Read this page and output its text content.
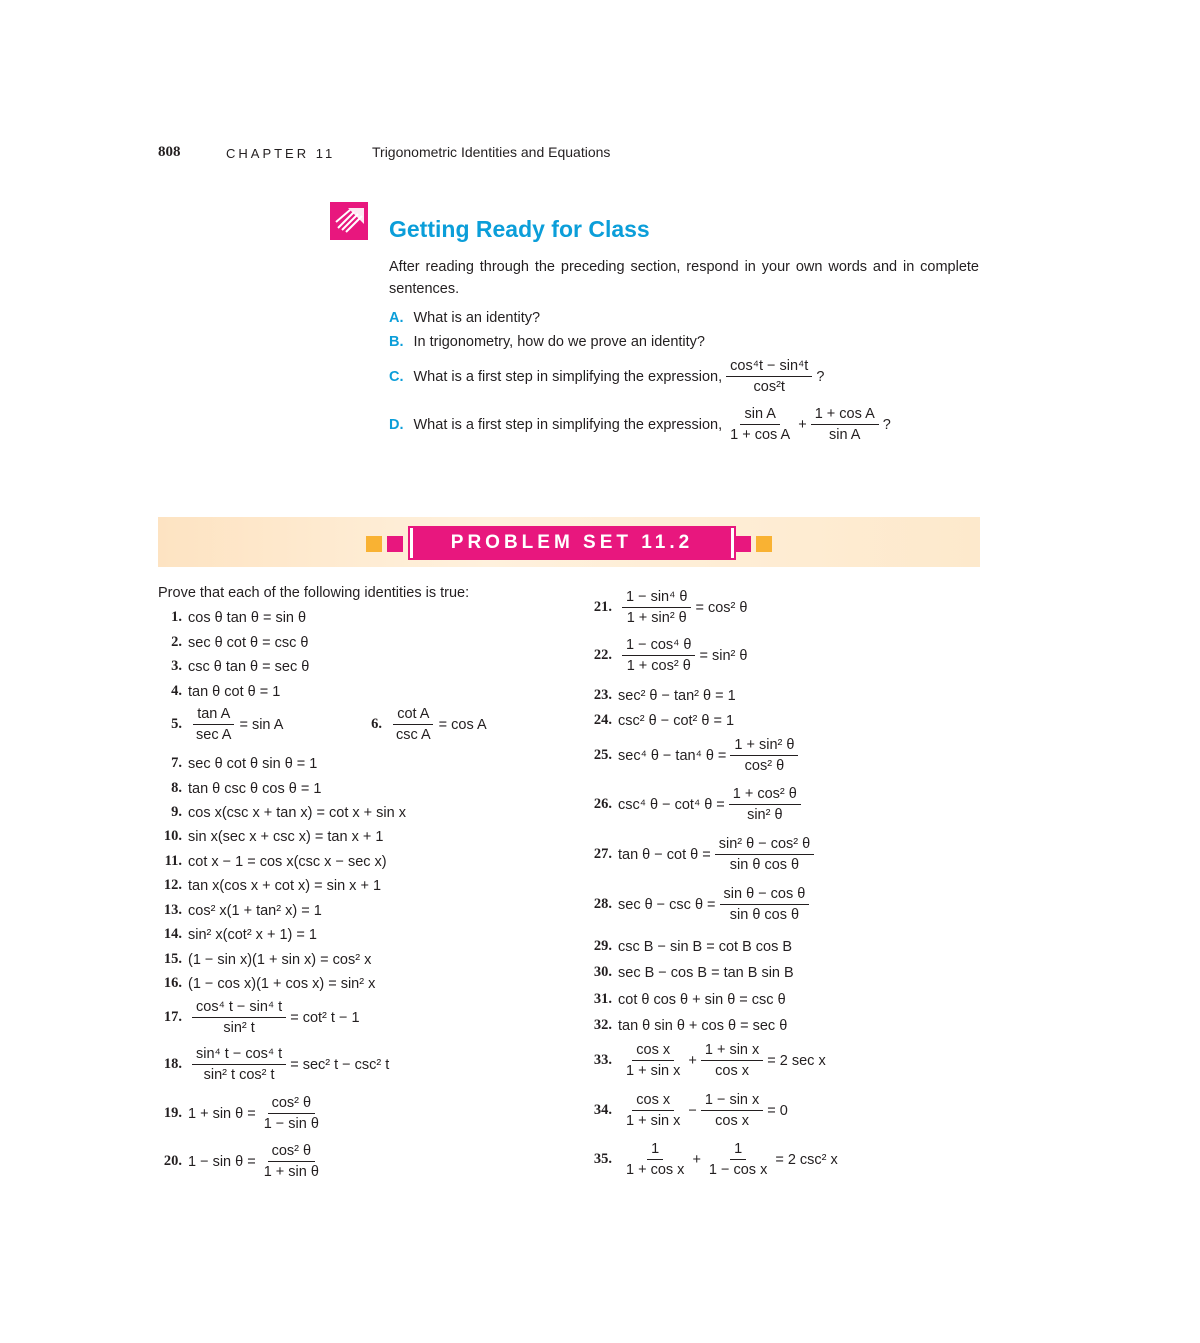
808	CHAPTER 11	Trigonometric Identities and Equations
Getting Ready for Class
After reading through the preceding section, respond in your own words and in complete sentences.
A. What is an identity?
B. In trigonometry, how do we prove an identity?
C. What is a first step in simplifying the expression, $\frac{\text{cos⁴t − sin⁴t}}{\text{cos²t}}$ ?
D. What is a first step in simplifying the expression, $\frac{\text{sin A}}{\text{1 + cos A}} + \frac{\text{1 + cos A}}{\text{sin A}}$ ?
PROBLEM SET 11.2
Prove that each of the following identities is true:
1. cos θ tan θ = sin θ
2. sec θ cot θ = csc θ
3. csc θ tan θ = sec θ
4. tan θ cot θ = 1
5. $\frac{\text{tan A}}{\text{sec A}} = \sin A$	6. $\frac{\text{cot A}}{\text{csc A}} = \cos A$
7. sec θ cot θ sin θ = 1
8. tan θ csc θ cos θ = 1
9. cos x(csc x + tan x) = cot x + sin x
10. sin x(sec x + csc x) = tan x + 1
11. cot x − 1 = cos x(csc x − sec x)
12. tan x(cos x + cot x) = sin x + 1
13. cos² x(1 + tan² x) = 1
14. sin² x(cot² x + 1) = 1
15. (1 − sin x)(1 + sin x) = cos² x
16. (1 − cos x)(1 + cos x) = sin² x
17. $\frac{\text{cos⁴ t − sin⁴ t}}{\text{sin² t}} = \cot^2$ t − 1
18. $\frac{\text{sin⁴ t − cos⁴ t}}{\text{sin² t cos² t}} = \sec^2$ t − csc² t
19. $1 + \sin \theta = \frac{\text{cos² θ}}{\text{1 − sin θ}}$
20. $1 - \sin \theta = \frac{\text{cos² θ}}{\text{1 + sin θ}}$
21. $\frac{\text{1 − sin⁴ θ}}{\text{1 + sin² θ}} = \cos^2$ θ
22. $\frac{\text{1 − cos⁴ θ}}{\text{1 + cos² θ}} = \sin^2$ θ
23. sec² θ − tan² θ = 1
24. csc² θ − cot² θ = 1
25. sec⁴ θ − tan⁴ $\theta = \frac{\text{1 + sin² θ}}{\text{cos² θ}}$
26. csc⁴ θ − cot⁴ $\theta = \frac{\text{1 + cos² θ}}{\text{sin² θ}}$
27. $\tan \theta - \cot \theta = \frac{\text{sin² θ − cos² θ}}{\text{sin θ cos θ}}$
28. $\sec \theta - \csc \theta = \frac{\text{sin θ − cos θ}}{\text{sin θ cos θ}}$
29. csc B − sin B = cot B cos B
30. sec B − cos B = tan B sin B
31. cot θ cos θ + sin θ = csc θ
32. tan θ sin θ + cos θ = sec θ
33. $\frac{\text{cos x}}{\text{1 + sin x}} + \frac{\text{1 + sin x}}{\text{cos x}} = 2$ sec x
34. $\frac{\text{cos x}}{\text{1 + sin x}} - \frac{\text{1 − sin x}}{\text{cos x}} = 0$
35. $\frac{1}{\text{1 + cos x}} + \frac{1}{\text{1 − cos x}} = 2$ csc² x
